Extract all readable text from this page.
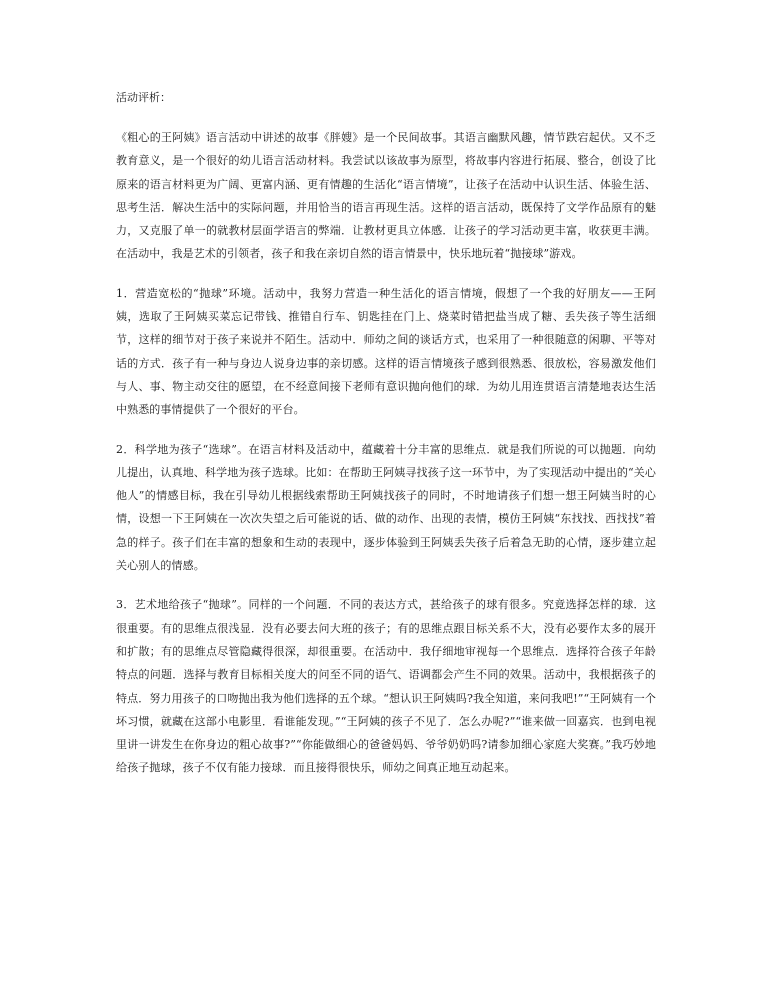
活动评析：

《粗心的王阿姨》语言活动中讲述的故事《胖嫂》是一个民间故事。其语言幽默风趣，情节跌宕起伏。又不乏教育意义，是一个很好的幼儿语言活动材料。我尝试以该故事为原型，将故事内容进行拓展、整合，创设了比原来的语言材料更为广阔、更富内涵、更有情趣的生活化“语言情境”，让孩子在活动中认识生活、体验生活、思考生活．解决生活中的实际问题，并用恰当的语言再现生活。这样的语言活动，既保持了文学作品原有的魅力，又克服了单一的就教材层面学语言的弊端．让教材更具立体感．让孩子的学习活动更丰富，收获更丰满。在活动中，我是艺术的引领者，孩子和我在亲切自然的语言情景中，快乐地玩着“抛接球”游戏。

1．营造宽松的“抛球”环境。活动中，我努力营造一种生活化的语言情境，假想了一个我的好朋友——王阿姨，选取了王阿姨买菜忘记带钱、推错自行车、钥匙挂在门上、烧菜时错把盐当成了糖、丢失孩子等生活细节，这样的细节对于孩子来说并不陌生。活动中．师幼之间的谈话方式，也采用了一种很随意的闲聊、平等对话的方式．孩子有一种与身边人说身边事的亲切感。这样的语言情境孩子感到很熟悉、很放松，容易激发他们与人、事、物主动交往的愿望，在不经意间接下老师有意识抛向他们的球．为幼儿用连贯语言清楚地表达生活中熟悉的事情提供了一个很好的平台。

2．科学地为孩子“选球”。在语言材料及活动中，蕴藏着十分丰富的思维点．就是我们所说的可以抛题．向幼儿提出，认真地、科学地为孩子选球。比如：在帮助王阿姨寻找孩子这一环节中，为了实现活动中提出的“关心他人”的情感目标，我在引导幼儿根据线索帮助王阿姨找孩子的同时，不时地请孩子们想一想王阿姨当时的心情，设想一下王阿姨在一次次失望之后可能说的话、做的动作、出现的表情，模仿王阿姨“东找找、西找找”着急的样子。孩子们在丰富的想象和生动的表现中，逐步体验到王阿姨丢失孩子后着急无助的心情，逐步建立起关心别人的情感。

3．艺术地给孩子“抛球”。同样的一个问题．不同的表达方式，甚给孩子的球有很多。究竟选择怎样的球．这很重要。有的思维点很浅显．没有必要去问大班的孩子；有的思维点跟目标关系不大，没有必要作太多的展开和扩散；有的思维点尽管隐藏得很深，却很重要。在活动中．我仔细地审视每一个思维点．选择符合孩子年龄特点的问题．选择与教育目标相关度大的问至不同的语气、语调都会产生不同的效果。活动中，我根据孩子的特点．努力用孩子的口吻抛出我为他们选择的五个球。“想认识王阿姨吗?我全知道，来问我吧!”“王阿姨有一个坏习惯，就藏在这部小电影里．看谁能发现。”“王阿姨的孩子不见了．怎么办呢?”“谁来做一回嘉宾．也到电视里讲一讲发生在你身边的粗心故事?”“你能做细心的爸爸妈妈、爷爷奶奶吗?请参加细心家庭大奖赛。”我巧妙地给孩子抛球，孩子不仅有能力接球．而且接得很快乐，师幼之间真正地互动起来。
